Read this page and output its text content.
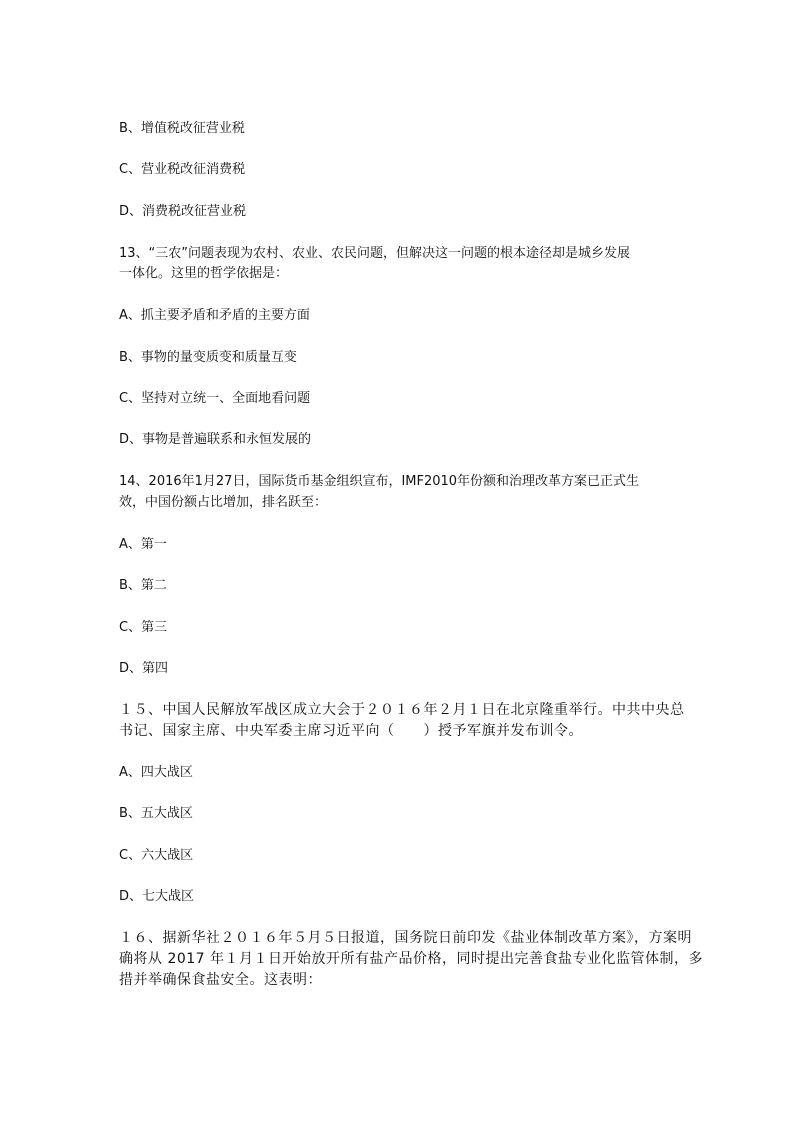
B、增值税改征营业税
C、营业税改征消费税
D、消费税改征营业税
13、“三农”问题表现为农村、农业、农民问题，但解决这一问题的根本途径却是城乡发展
一体化。这里的哲学依据是：
A、抓主要矛盾和矛盾的主要方面
B、事物的量变质变和质量互变
C、坚持对立统一、全面地看问题
D、事物是普遍联系和永恒发展的
14、2016年1月27日，国际货币基金组织宣布，IMF2010年份额和治理改革方案已正式生
效，中国份额占比增加，排名跃至：
A、第一
B、第二
C、第三
D、第四
１５、中国人民解放军战区成立大会于２０１６年２月１日在北京隆重举行。中共中央总
书记、国家主席、中央军委主席习近平向（　　）授予军旗并发布训令。
A、四大战区
B、五大战区
C、六大战区
D、七大战区
１６、据新华社２０１６年５月５日报道，国务院日前印发《盐业体制改革方案》，方案明
确将从 2017 年１月１日开始放开所有盐产品价格，同时提出完善食盐专业化监管体制，多
措并举确保食盐安全。这表明：
